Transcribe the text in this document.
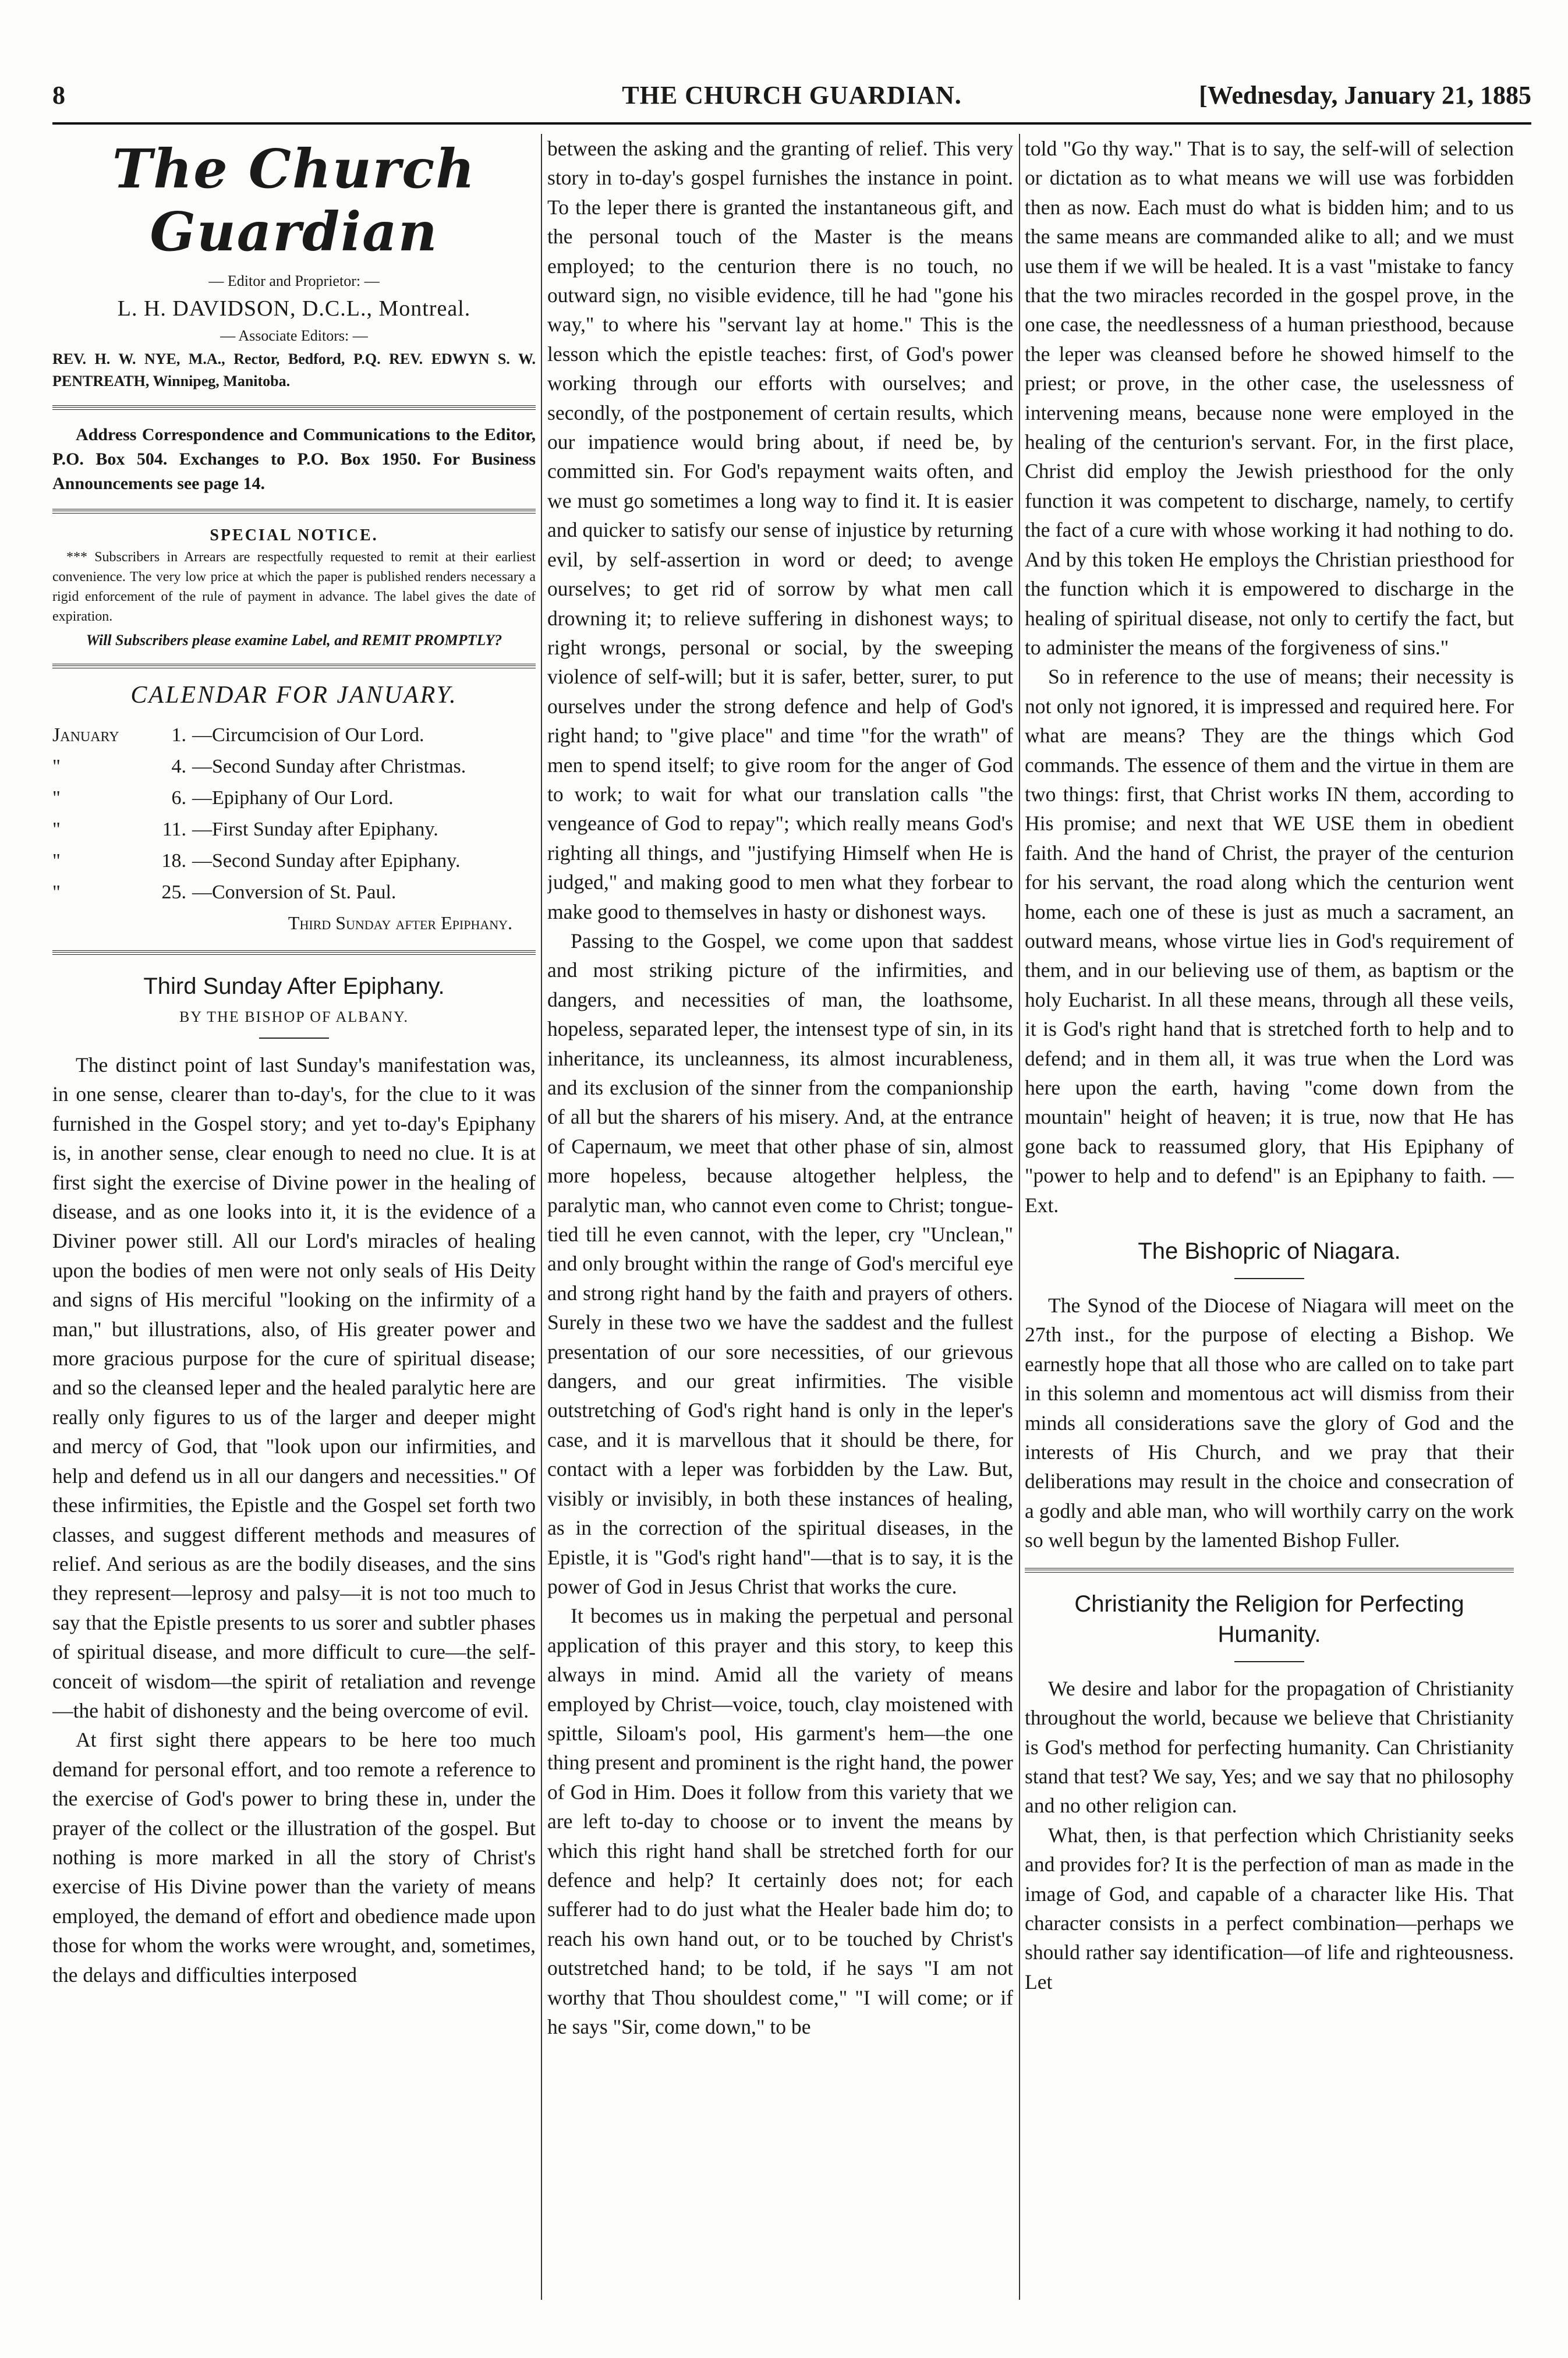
8	THE CHURCH GUARDIAN.	[Wednesday, January 21, 1885
The Church Guardian
— Editor and Proprietor: —
L. H. DAVIDSON, D.C.L., Montreal.
— Associate Editors: —
REV. H. W. NYE, M.A., Rector, Bedford, P.Q. REV. EDWYN S. W. PENTREATH, Winnipeg, Manitoba.

Address Correspondence and Communications to the Editor, P.O. Box 504. Exchanges to P.O. Box 1950. For Business Announcements see page 14.

SPECIAL NOTICE.

*** Subscribers in Arrears are respectfully requested to remit at their earliest convenience. The very low price at which the paper is published renders necessary a rigid enforcement of the rule of payment in advance. The label gives the date of expiration.

Will Subscribers please examine Label, and REMIT PROMPTLY?
CALENDAR FOR JANUARY.
January	1. —Circumcision of Our Lord.
"	4. —Second Sunday after Christmas.
"	6. —Epiphany of Our Lord.
"	11. —First Sunday after Epiphany.
"	18. —Second Sunday after Epiphany.
"	25. —Conversion of St. Paul.
Third Sunday after Epiphany.
Third Sunday After Epiphany.
BY THE BISHOP OF ALBANY.

The distinct point of last Sunday's manifestation was, in one sense, clearer than to-day's, for the clue to it was furnished in the Gospel story; and yet to-day's Epiphany is, in another sense, clear enough to need no clue. It is at first sight the exercise of Divine power in the healing of disease, and as one looks into it, it is the evidence of a Diviner power still. All our Lord's miracles of healing upon the bodies of men were not only seals of His Deity and signs of His merciful "looking on the infirmity of a man," but illustrations, also, of His greater power and more gracious purpose for the cure of spiritual disease; and so the cleansed leper and the healed paralytic here are really only figures to us of the larger and deeper might and mercy of God, that "look upon our infirmities, and help and defend us in all our dangers and necessities." Of these infirmities, the Epistle and the Gospel set forth two classes, and suggest different methods and measures of relief. And serious as are the bodily diseases, and the sins they represent—leprosy and palsy—it is not too much to say that the Epistle presents to us sorer and subtler phases of spiritual disease, and more difficult to cure—the self-conceit of wisdom—the spirit of retaliation and revenge—the habit of dishonesty and the being overcome of evil.

At first sight there appears to be here too much demand for personal effort, and too remote a reference to the exercise of God's power to bring these in, under the prayer of the collect or the illustration of the gospel. But nothing is more marked in all the story of Christ's exercise of His Divine power than the variety of means employed, the demand of effort and obedience made upon those for whom the works were wrought, and, sometimes, the delays and difficulties interposed

between the asking and the granting of relief. This very story in to-day's gospel furnishes the instance in point. To the leper there is granted the instantaneous gift, and the personal touch of the Master is the means employed; to the centurion there is no touch, no outward sign, no visible evidence, till he had "gone his way," to where his "servant lay at home." This is the lesson which the epistle teaches: first, of God's power working through our efforts with ourselves; and secondly, of the postponement of certain results, which our impatience would bring about, if need be, by committed sin. For God's repayment waits often, and we must go sometimes a long way to find it. It is easier and quicker to satisfy our sense of injustice by returning evil, by self-assertion in word or deed; to avenge ourselves; to get rid of sorrow by what men call drowning it; to relieve suffering in dishonest ways; to right wrongs, personal or social, by the sweeping violence of self-will; but it is safer, better, surer, to put ourselves under the strong defence and help of God's right hand; to "give place" and time "for the wrath" of men to spend itself; to give room for the anger of God to work; to wait for what our translation calls "the vengeance of God to repay"; which really means God's righting all things, and "justifying Himself when He is judged," and making good to men what they forbear to make good to themselves in hasty or dishonest ways.

Passing to the Gospel, we come upon that saddest and most striking picture of the infirmities, and dangers, and necessities of man, the loathsome, hopeless, separated leper, the intensest type of sin, in its inheritance, its uncleanness, its almost incurableness, and its exclusion of the sinner from the companionship of all but the sharers of his misery. And, at the entrance of Capernaum, we meet that other phase of sin, almost more hopeless, because altogether helpless, the paralytic man, who cannot even come to Christ; tongue-tied till he even cannot, with the leper, cry "Unclean," and only brought within the range of God's merciful eye and strong right hand by the faith and prayers of others. Surely in these two we have the saddest and the fullest presentation of our sore necessities, of our grievous dangers, and our great infirmities. The visible outstretching of God's right hand is only in the leper's case, and it is marvellous that it should be there, for contact with a leper was forbidden by the Law. But, visibly or invisibly, in both these instances of healing, as in the correction of the spiritual diseases, in the Epistle, it is "God's right hand"—that is to say, it is the power of God in Jesus Christ that works the cure.

It becomes us in making the perpetual and personal application of this prayer and this story, to keep this always in mind. Amid all the variety of means employed by Christ—voice, touch, clay moistened with spittle, Siloam's pool, His garment's hem—the one thing present and prominent is the right hand, the power of God in Him. Does it follow from this variety that we are left to-day to choose or to invent the means by which this right hand shall be stretched forth for our defence and help? It certainly does not; for each sufferer had to do just what the Healer bade him do; to reach his own hand out, or to be touched by Christ's outstretched hand; to be told, if he says "I am not worthy that Thou shouldest come," "I will come; or if he says "Sir, come down," to be

told "Go thy way." That is to say, the self-will of selection or dictation as to what means we will use was forbidden then as now. Each must do what is bidden him; and to us the same means are commanded alike to all; and we must use them if we will be healed. It is a vast "mistake to fancy that the two miracles recorded in the gospel prove, in the one case, the needlessness of a human priesthood, because the leper was cleansed before he showed himself to the priest; or prove, in the other case, the uselessness of intervening means, because none were employed in the healing of the centurion's servant. For, in the first place, Christ did employ the Jewish priesthood for the only function it was competent to discharge, namely, to certify the fact of a cure with whose working it had nothing to do. And by this token He employs the Christian priesthood for the function which it is empowered to discharge in the healing of spiritual disease, not only to certify the fact, but to administer the means of the forgiveness of sins."

So in reference to the use of means; their necessity is not only not ignored, it is impressed and required here. For what are means? They are the things which God commands. The essence of them and the virtue in them are two things: first, that Christ works IN them, according to His promise; and next that WE USE them in obedient faith. And the hand of Christ, the prayer of the centurion for his servant, the road along which the centurion went home, each one of these is just as much a sacrament, an outward means, whose virtue lies in God's requirement of them, and in our believing use of them, as baptism or the holy Eucharist. In all these means, through all these veils, it is God's right hand that is stretched forth to help and to defend; and in them all, it was true when the Lord was here upon the earth, having "come down from the mountain" height of heaven; it is true, now that He has gone back to reassumed glory, that His Epiphany of "power to help and to defend" is an Epiphany to faith. —Ext.

The Bishopric of Niagara.

The Synod of the Diocese of Niagara will meet on the 27th inst., for the purpose of electing a Bishop. We earnestly hope that all those who are called on to take part in this solemn and momentous act will dismiss from their minds all considerations save the glory of God and the interests of His Church, and we pray that their deliberations may result in the choice and consecration of a godly and able man, who will worthily carry on the work so well begun by the lamented Bishop Fuller.

Christianity the Religion for Perfecting Humanity.

We desire and labor for the propagation of Christianity throughout the world, because we believe that Christianity is God's method for perfecting humanity. Can Christianity stand that test? We say, Yes; and we say that no philosophy and no other religion can.

What, then, is that perfection which Christianity seeks and provides for? It is the perfection of man as made in the image of God, and capable of a character like His. That character consists in a perfect combination—perhaps we should rather say identification—of life and righteousness. Let
